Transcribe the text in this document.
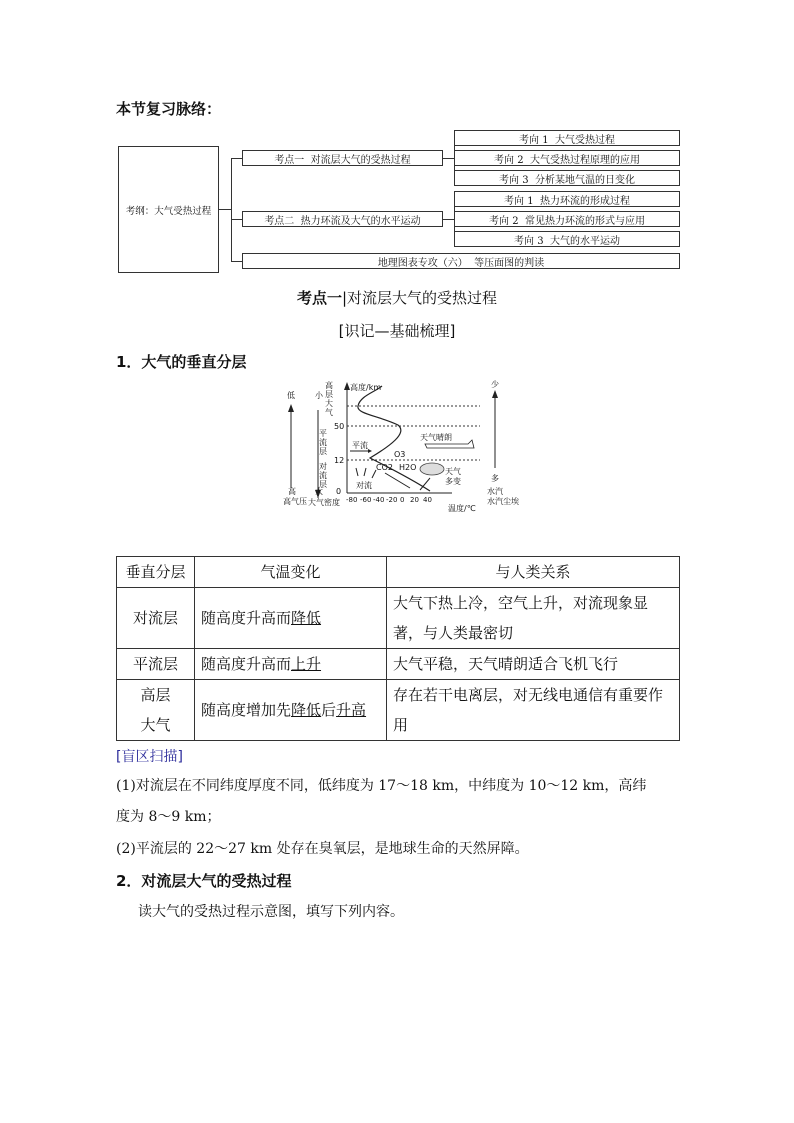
本节复习脉络：
考纲：大气受热过程
考点一
对流层大气的受热过程
考点二
热力环流及大气的水平运动
地理图表专攻（六）
等压面图的判读
考向 1
大气受热过程
考向 2
大气受热过程原理的应用
考向 3
分析某地气温的日变化
考向 1
热力环流的形成过程
考向 2
常见热力环流的形式与应用
考向 3
大气的水平运动
考点一|对流层大气的受热过程
[识记—基础梳理]
1．大气的垂直分层
低
高
高气压
小
大
大气密度
高
层
大
气
平
流
层
对
流
层
高度/km
0
12
50
-80 -60 -40 -20 0 20 40
温度/℃
平流
O3
CO2 H2O
天气晴朗
天气
多变
对流
少
多
水汽
水汽尘埃
垂直分层	气温变化	与人类关系
对流层	随高度升高而降低	大气下热上冷，空气上升，对流现象显著，与人类最密切
平流层	随高度升高而上升	大气平稳，天气晴朗适合飞机飞行
高层大气	随高度增加先降低后升高	存在若干电离层，对无线电通信有重要作用
[盲区扫描]
(1)对流层在不同纬度厚度不同，低纬度为 17～18 km，中纬度为 10～12 km，高纬
度为 8～9 km；
(2)平流层的 22～27 km 处存在臭氧层，是地球生命的天然屏障。
2．对流层大气的受热过程
读大气的受热过程示意图，填写下列内容。
